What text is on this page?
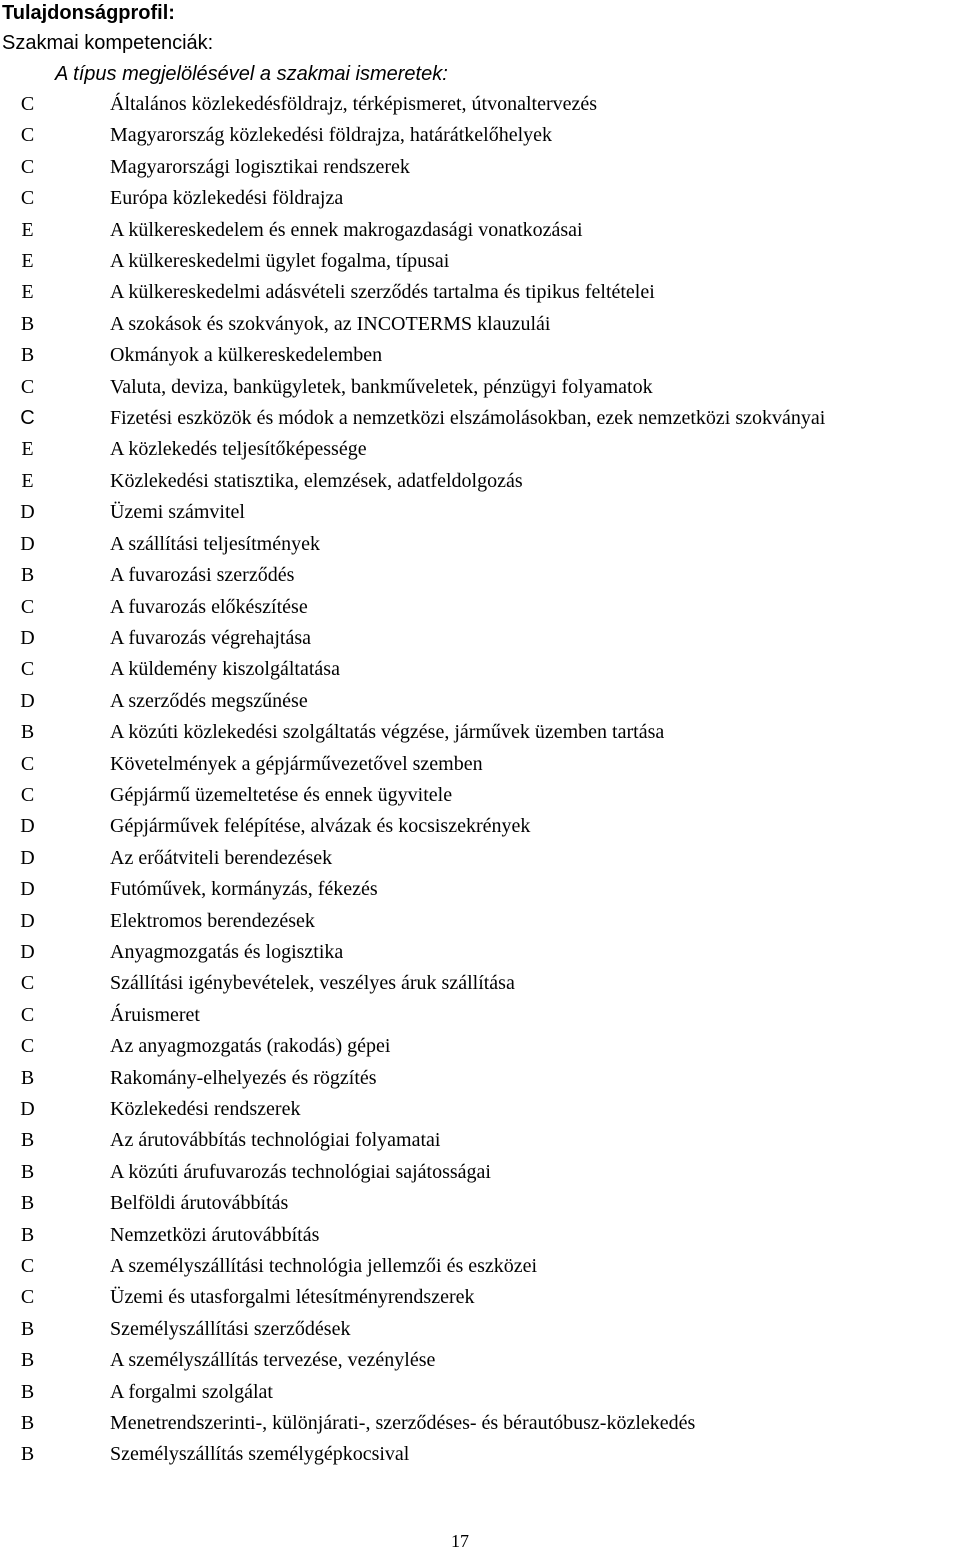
Tulajdonságprofil:
Szakmai kompetenciák:
A típus megjelölésével a szakmai ismeretek:
C	Általános közlekedésföldrajz, térképismeret, útvonaltervezés
C	Magyarország közlekedési földrajza, határátkelőhelyek
C	Magyarországi logisztikai rendszerek
C	Európa közlekedési földrajza
E	A külkereskedelem és ennek makrogazdasági vonatkozásai
E	A külkereskedelmi ügylet fogalma, típusai
E	A külkereskedelmi adásvételi szerződés tartalma és tipikus feltételei
B	A szokások és szokványok, az INCOTERMS klauzulái
B	Okmányok a külkereskedelemben
C	Valuta, deviza, bankügyletek, bankműveletek, pénzügyi folyamatok
C	Fizetési eszközök és módok a nemzetközi elszámolásokban, ezek nemzetközi szokványai
E	A közlekedés teljesítőképessége
E	Közlekedési statisztika, elemzések, adatfeldolgozás
D	Üzemi számvitel
D	A szállítási teljesítmények
B	A fuvarozási szerződés
C	A fuvarozás előkészítése
D	A fuvarozás végrehajtása
C	A küldemény kiszolgáltatása
D	A szerződés megszűnése
B	A közúti közlekedési szolgáltatás végzése, járművek üzemben tartása
C	Követelmények a gépjárművezetővel szemben
C	Gépjármű üzemeltetése és ennek ügyvitele
D	Gépjárművek felépítése, alvázak és kocsiszekrények
D	Az erőátviteli berendezések
D	Futóművek, kormányzás, fékezés
D	Elektromos berendezések
D	Anyagmozgatás és logisztika
C	Szállítási igénybevételek, veszélyes áruk szállítása
C	Áruismeret
C	Az anyagmozgatás (rakodás) gépei
B	Rakomány-elhelyezés és rögzítés
D	Közlekedési rendszerek
B	Az árutovábbítás technológiai folyamatai
B	A közúti árufuvarozás technológiai sajátosságai
B	Belföldi árutovábbítás
B	Nemzetközi árutovábbítás
C	A személyszállítási technológia jellemzői és eszközei
C	Üzemi és utasforgalmi létesítményrendszerek
B	Személyszállítási szerződések
B	A személyszállítás tervezése, vezénylése
B	A forgalmi szolgálat
B	Menetrendszerinti-, különjárati-, szerződéses- és bérautóbusz-közlekedés
B	Személyszállítás személygépkocsival
17
